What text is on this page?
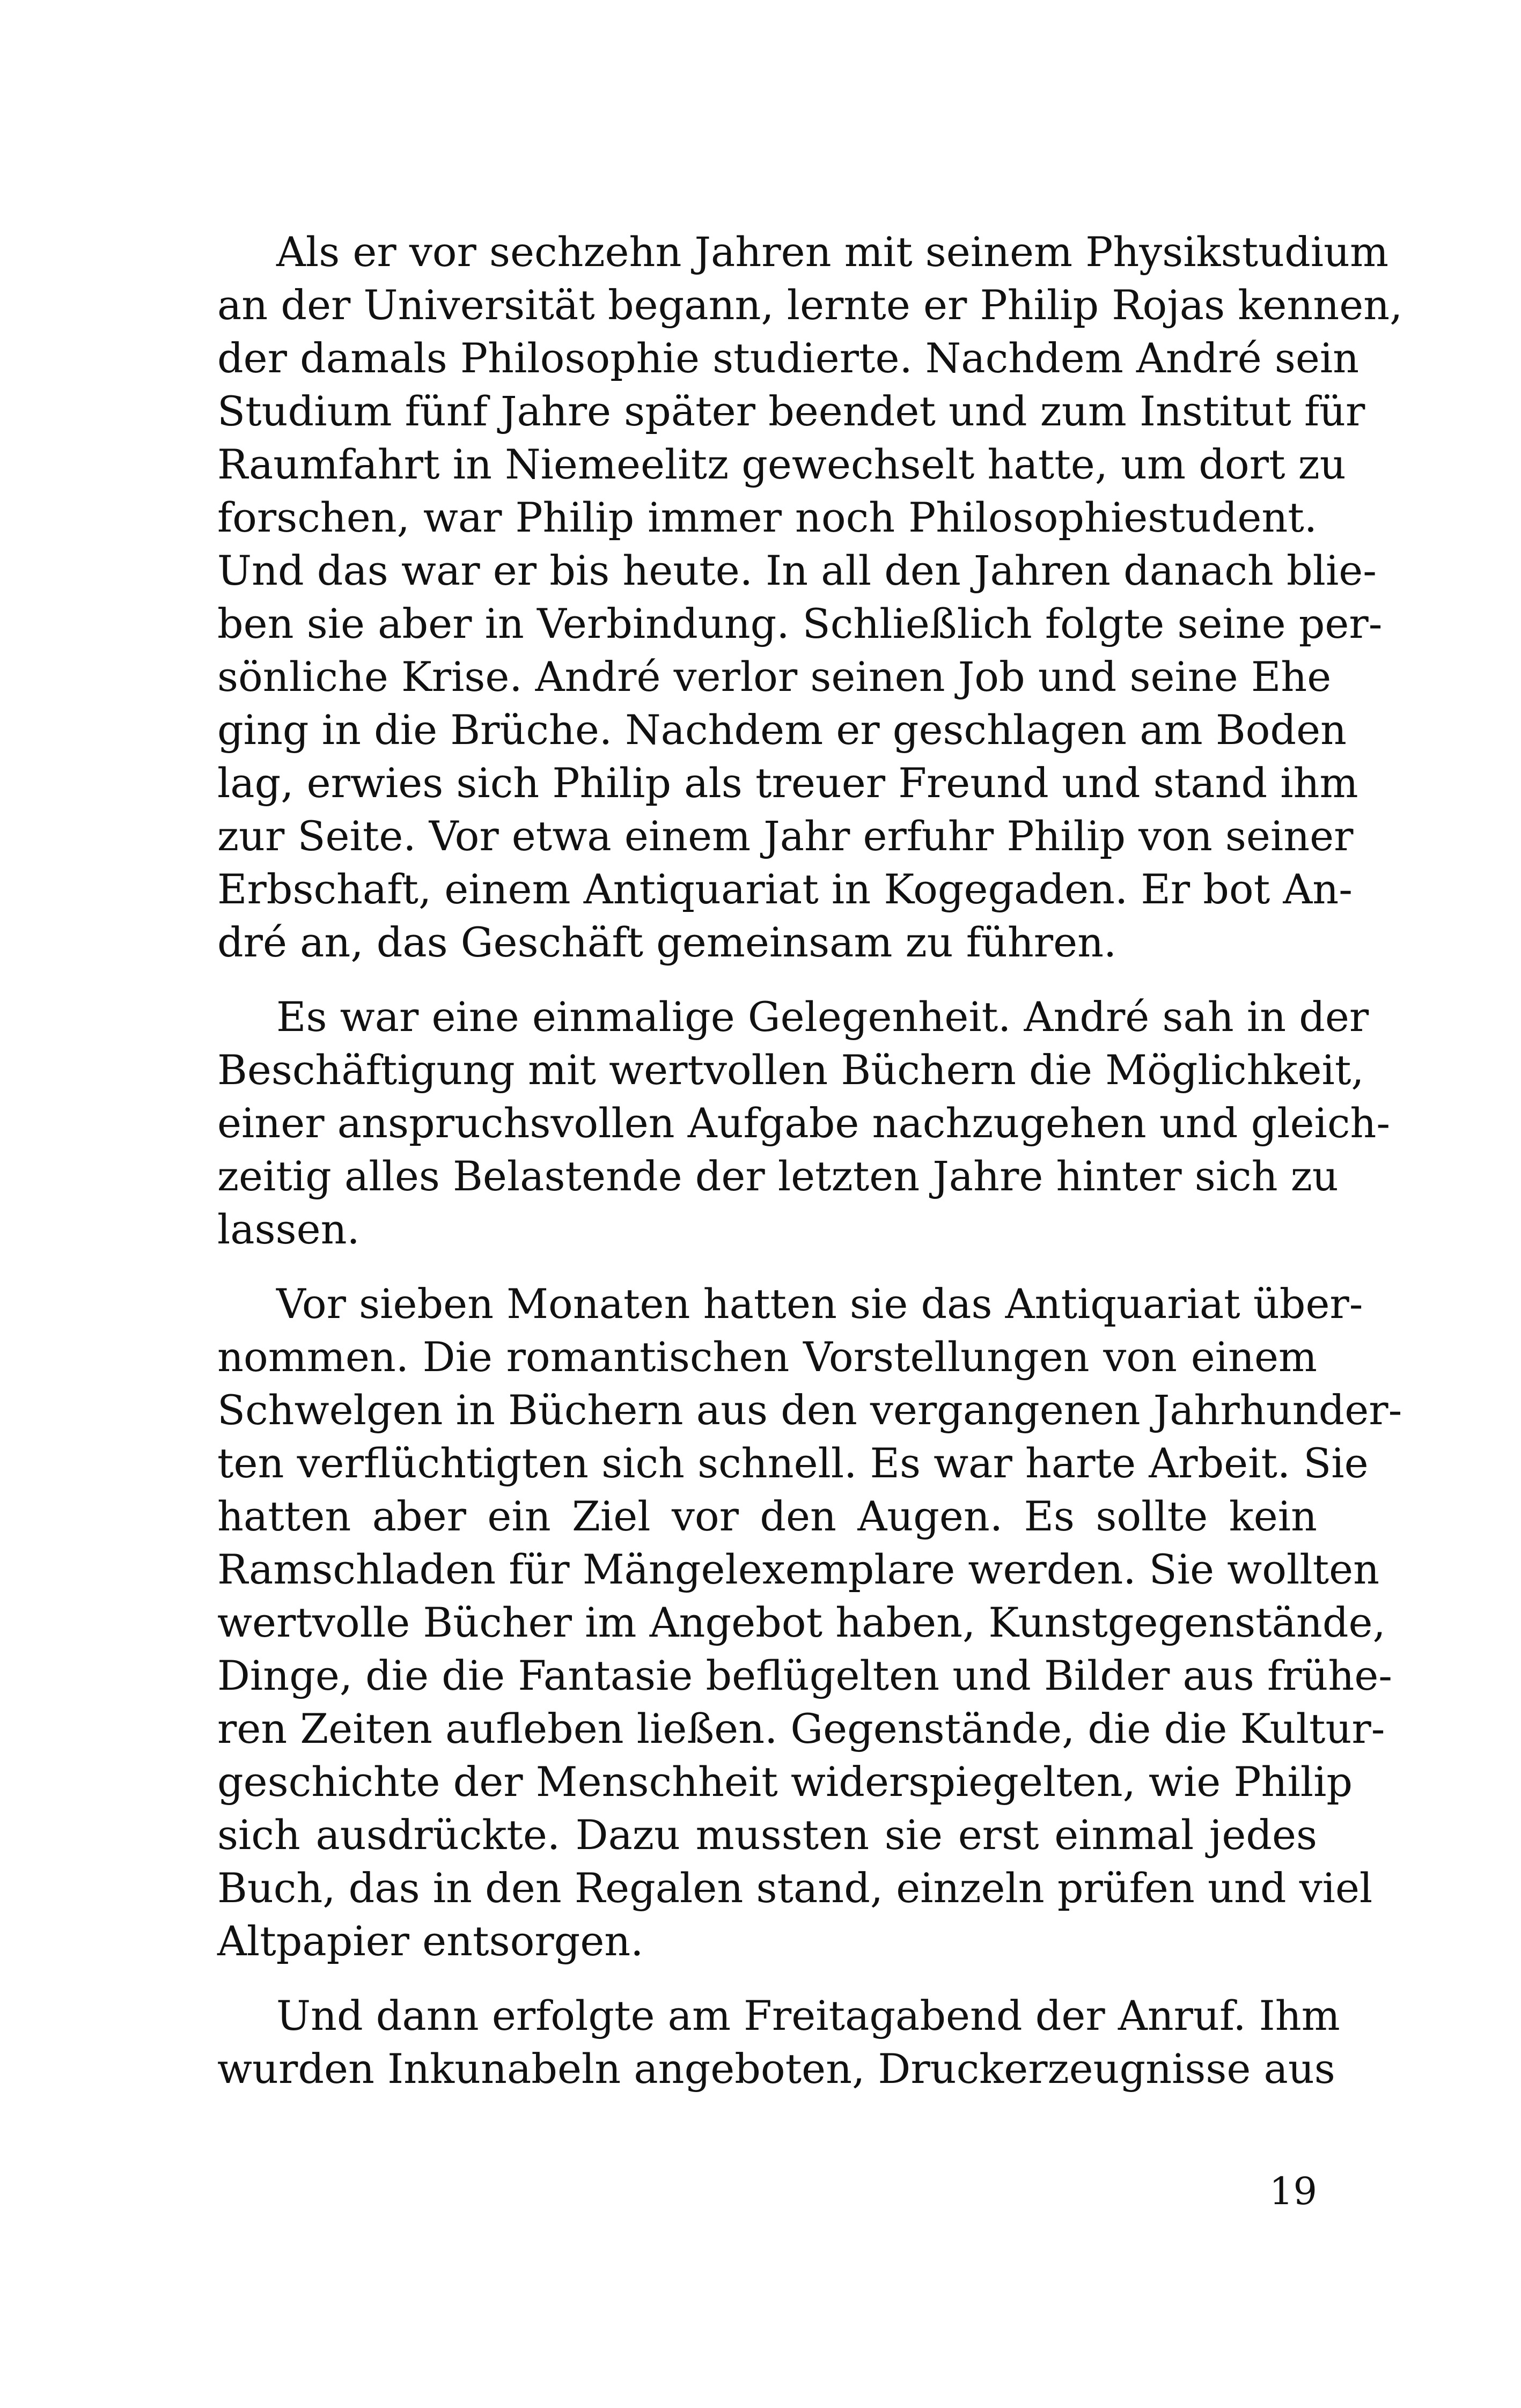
Als er vor sechzehn Jahren mit seinem Physikstudium
an der Universität begann, lernte er Philip Rojas kennen,
der damals Philosophie studierte. Nachdem André sein
Studium fünf Jahre später beendet und zum Institut für
Raumfahrt in Niemeelitz gewechselt hatte, um dort zu
forschen, war Philip immer noch Philosophiestudent.
Und das war er bis heute. In all den Jahren danach blie-
ben sie aber in Verbindung. Schließlich folgte seine per-
sönliche Krise. André verlor seinen Job und seine Ehe
ging in die Brüche. Nachdem er geschlagen am Boden
lag, erwies sich Philip als treuer Freund und stand ihm
zur Seite. Vor etwa einem Jahr erfuhr Philip von seiner
Erbschaft, einem Antiquariat in Kogegaden. Er bot An-
dré an, das Geschäft gemeinsam zu führen.
Es war eine einmalige Gelegenheit. André sah in der
Beschäftigung mit wertvollen Büchern die Möglichkeit,
einer anspruchsvollen Aufgabe nachzugehen und gleich-
zeitig alles Belastende der letzten Jahre hinter sich zu
lassen.
Vor sieben Monaten hatten sie das Antiquariat über-
nommen. Die romantischen Vorstellungen von einem
Schwelgen in Büchern aus den vergangenen Jahrhunder-
ten verflüchtigten sich schnell. Es war harte Arbeit. Sie
hatten aber ein Ziel vor den Augen. Es sollte kein
Ramschladen für Mängelexemplare werden. Sie wollten
wertvolle Bücher im Angebot haben, Kunstgegenstände,
Dinge, die die Fantasie beflügelten und Bilder aus frühe-
ren Zeiten aufleben ließen. Gegenstände, die die Kultur-
geschichte der Menschheit widerspiegelten, wie Philip
sich ausdrückte. Dazu mussten sie erst einmal jedes
Buch, das in den Regalen stand, einzeln prüfen und viel
Altpapier entsorgen.
Und dann erfolgte am Freitagabend der Anruf. Ihm
wurden Inkunabeln angeboten, Druckerzeugnisse aus
19
